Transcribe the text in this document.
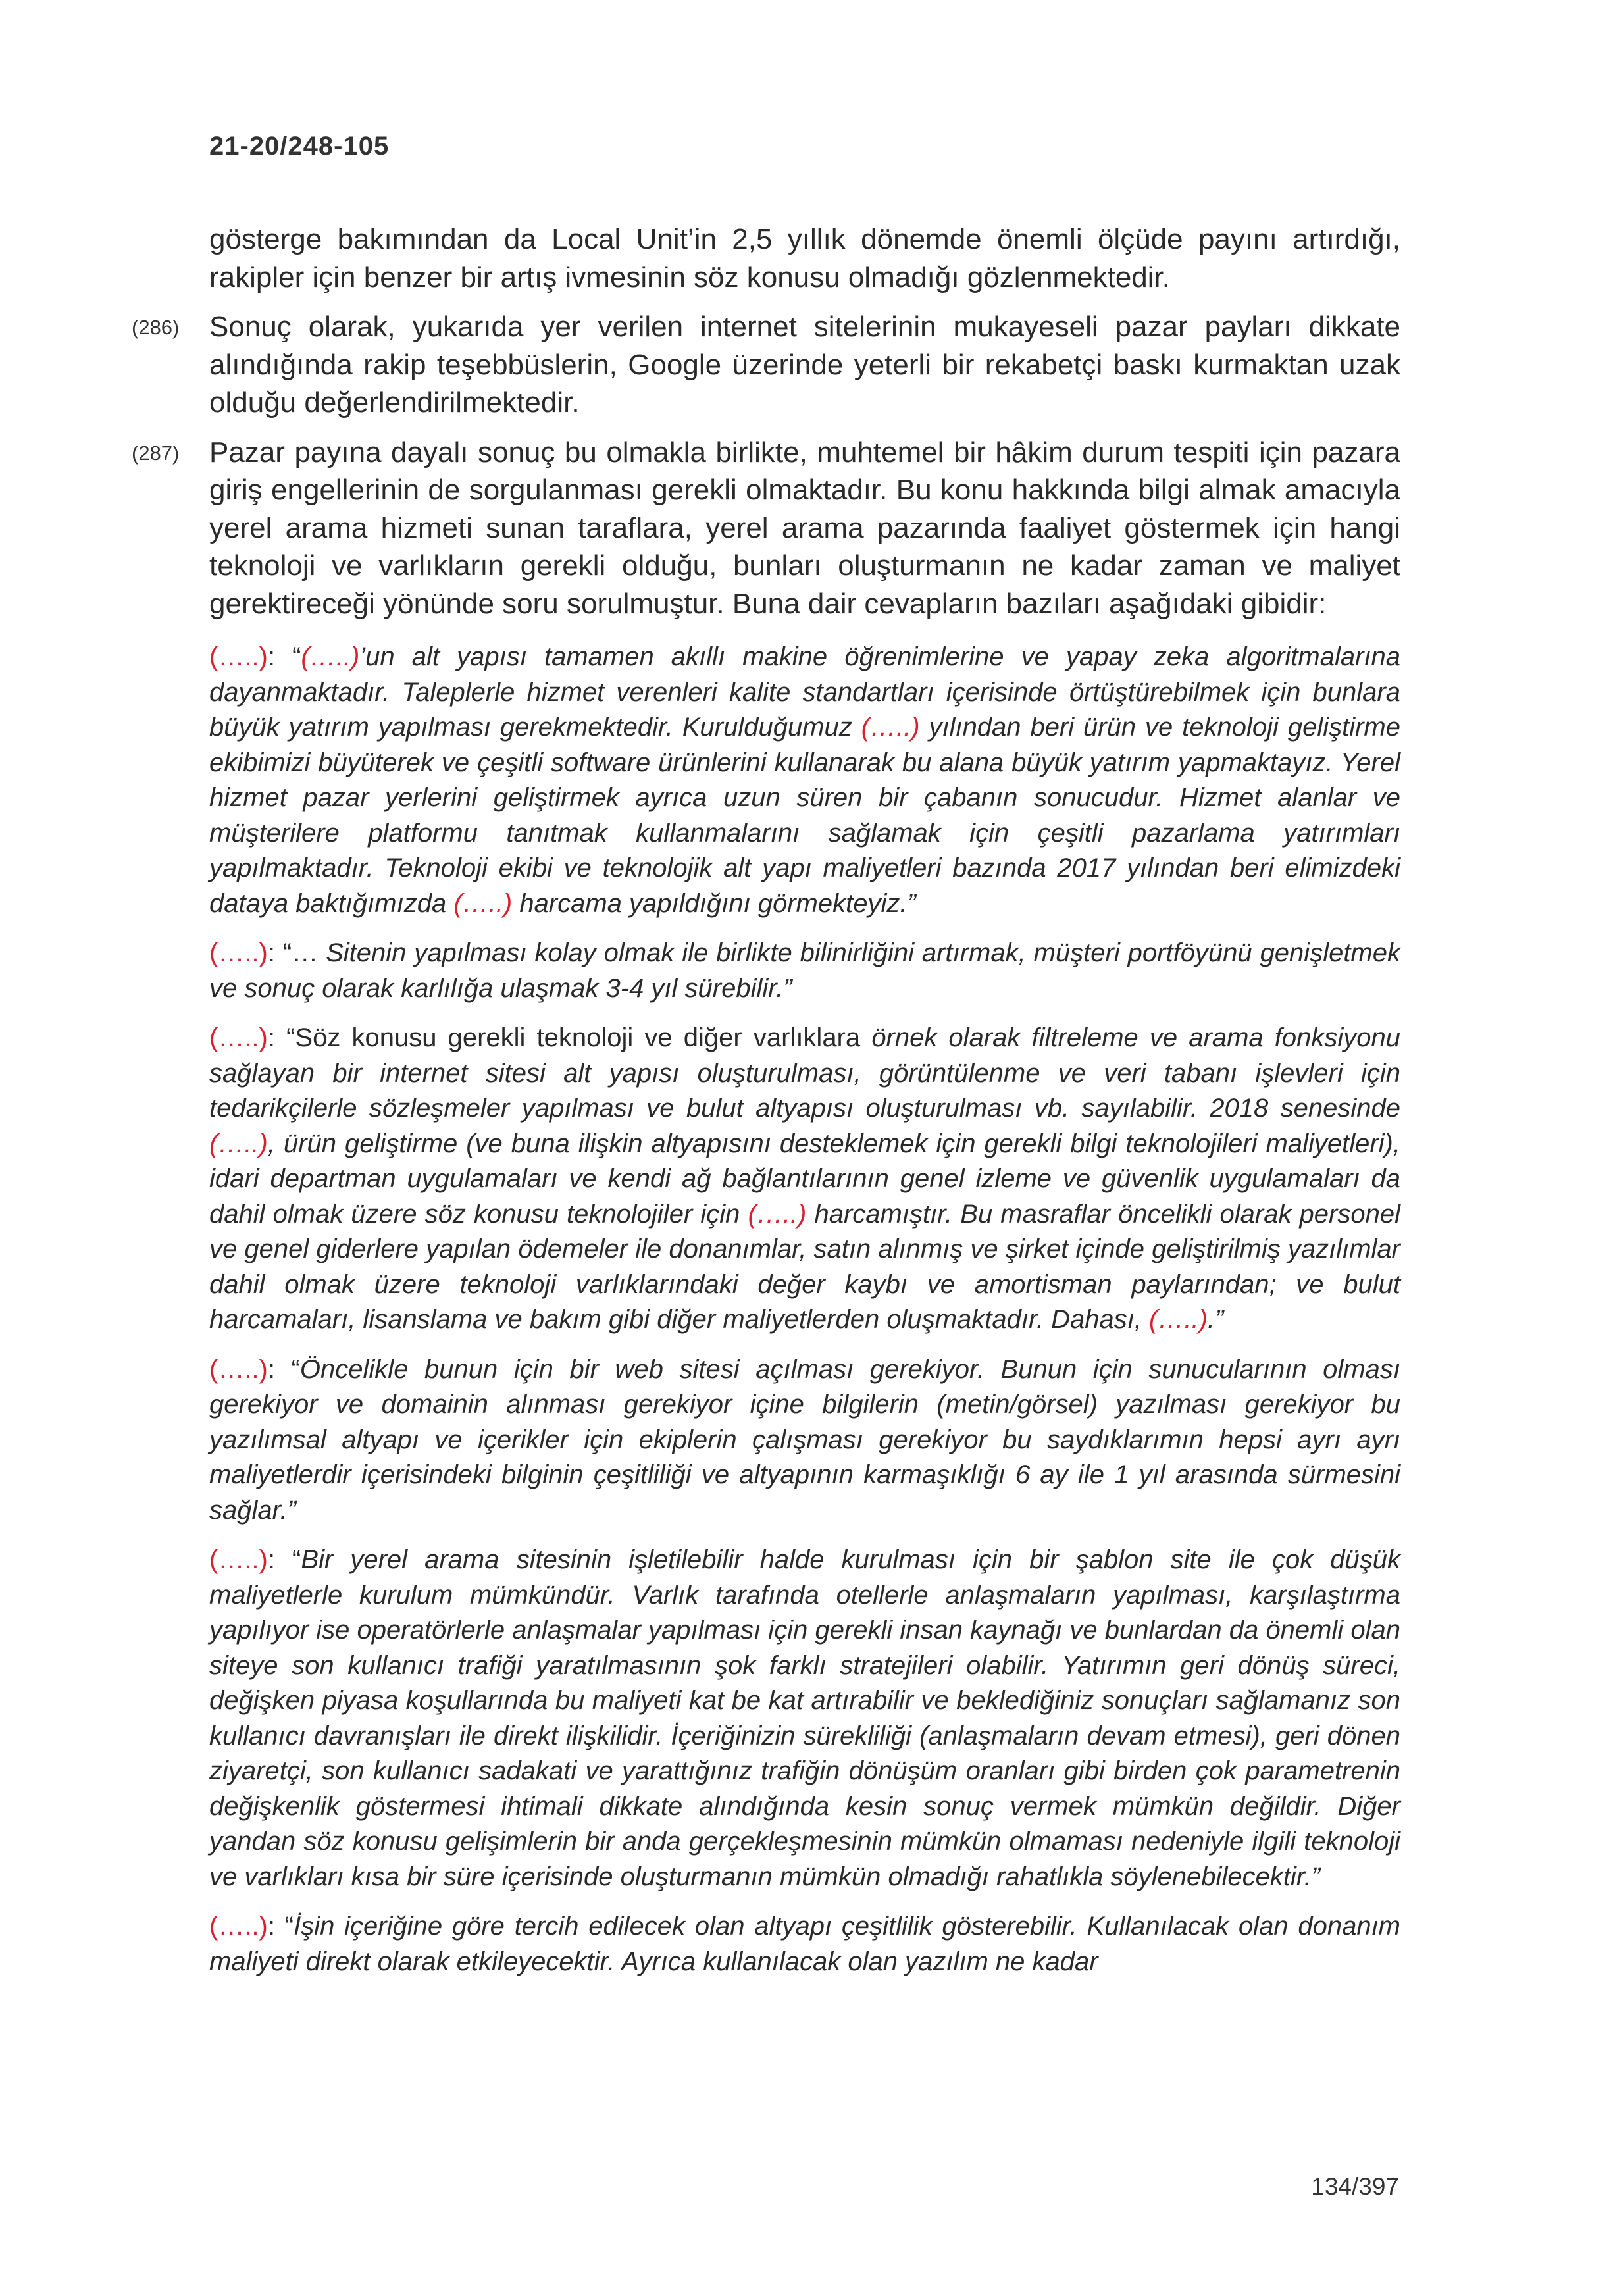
21-20/248-105

gösterge bakımından da Local Unit’in 2,5 yıllık dönemde önemli ölçüde payını artırdığı, rakipler için benzer bir artış ivmesinin söz konusu olmadığı gözlenmektedir.

(286) Sonuç olarak, yukarıda yer verilen internet sitelerinin mukayeseli pazar payları dikkate alındığında rakip teşebbüslerin, Google üzerinde yeterli bir rekabetçi baskı kurmaktan uzak olduğu değerlendirilmektedir.

(287) Pazar payına dayalı sonuç bu olmakla birlikte, muhtemel bir hâkim durum tespiti için pazara giriş engellerinin de sorgulanması gerekli olmaktadır. Bu konu hakkında bilgi almak amacıyla yerel arama hizmeti sunan taraflara, yerel arama pazarında faaliyet göstermek için hangi teknoloji ve varlıkların gerekli olduğu, bunları oluşturmanın ne kadar zaman ve maliyet gerektireceği yönünde soru sorulmuştur. Buna dair cevapların bazıları aşağıdaki gibidir:

(…..): “(…..)’un alt yapısı tamamen akıllı makine öğrenimlerine ve yapay zeka algoritmalarına dayanmaktadır. Taleplerle hizmet verenleri kalite standartları içerisinde örtüştürebilmek için bunlara büyük yatırım yapılması gerekmektedir. Kurulduğumuz (…..) yılından beri ürün ve teknoloji geliştirme ekibimizi büyüterek ve çeşitli software ürünlerini kullanarak bu alana büyük yatırım yapmaktayız. Yerel hizmet pazar yerlerini geliştirmek ayrıca uzun süren bir çabanın sonucudur. Hizmet alanlar ve müşterilere platformu tanıtmak kullanmalarını sağlamak için çeşitli pazarlama yatırımları yapılmaktadır. Teknoloji ekibi ve teknolojik alt yapı maliyetleri bazında 2017 yılından beri elimizdeki dataya baktığımızda (…..) harcama yapıldığını görmekteyiz.”

(…..): “… Sitenin yapılması kolay olmak ile birlikte bilinirliğini artırmak, müşteri portföyünü genişletmek ve sonuç olarak karlılığa ulaşmak 3-4 yıl sürebilir.”

(…..): “Söz konusu gerekli teknoloji ve diğer varlıklara örnek olarak filtreleme ve arama fonksiyonu sağlayan bir internet sitesi alt yapısı oluşturulması, görüntülenme ve veri tabanı işlevleri için tedarikçilerle sözleşmeler yapılması ve bulut altyapısı oluşturulması vb. sayılabilir. 2018 senesinde (…..), ürün geliştirme (ve buna ilişkin altyapısını desteklemek için gerekli bilgi teknolojileri maliyetleri), idari departman uygulamaları ve kendi ağ bağlantılarının genel izleme ve güvenlik uygulamaları da dahil olmak üzere söz konusu teknolojiler için (…..) harcamıştır. Bu masraflar öncelikli olarak personel ve genel giderlere yapılan ödemeler ile donanımlar, satın alınmış ve şirket içinde geliştirilmiş yazılımlar dahil olmak üzere teknoloji varlıklarındaki değer kaybı ve amortisman paylarından; ve bulut harcamaları, lisanslama ve bakım gibi diğer maliyetlerden oluşmaktadır. Dahası, (…..).”

(…..): “Öncelikle bunun için bir web sitesi açılması gerekiyor. Bunun için sunucularının olması gerekiyor ve domainin alınması gerekiyor içine bilgilerin (metin/görsel) yazılması gerekiyor bu yazılımsal altyapı ve içerikler için ekiplerin çalışması gerekiyor bu saydıklarımın hepsi ayrı ayrı maliyetlerdir içerisindeki bilginin çeşitliliği ve altyapının karmaşıklığı 6 ay ile 1 yıl arasında sürmesini sağlar.”

(…..): “Bir yerel arama sitesinin işletilebilir halde kurulması için bir şablon site ile çok düşük maliyetlerle kurulum mümkündür. Varlık tarafında otellerle anlaşmaların yapılması, karşılaştırma yapılıyor ise operatörlerle anlaşmalar yapılması için gerekli insan kaynağı ve bunlardan da önemli olan siteye son kullanıcı trafiği yaratılmasının şok farklı stratejileri olabilir. Yatırımın geri dönüş süreci, değişken piyasa koşullarında bu maliyeti kat be kat artırabilir ve beklediğiniz sonuçları sağlamanız son kullanıcı davranışları ile direkt ilişkilidir. İçeriğinizin sürekliliği (anlaşmaların devam etmesi), geri dönen ziyaretçi, son kullanıcı sadakati ve yarattığınız trafiğin dönüşüm oranları gibi birden çok parametrenin değişkenlik göstermesi ihtimali dikkate alındığında kesin sonuç vermek mümkün değildir. Diğer yandan söz konusu gelişimlerin bir anda gerçekleşmesinin mümkün olmaması nedeniyle ilgili teknoloji ve varlıkları kısa bir süre içerisinde oluşturmanın mümkün olmadığı rahatlıkla söylenebilecektir.”

(…..): “İşin içeriğine göre tercih edilecek olan altyapı çeşitlilik gösterebilir. Kullanılacak olan donanım maliyeti direkt olarak etkileyecektir. Ayrıca kullanılacak olan yazılım ne kadar

134/397
